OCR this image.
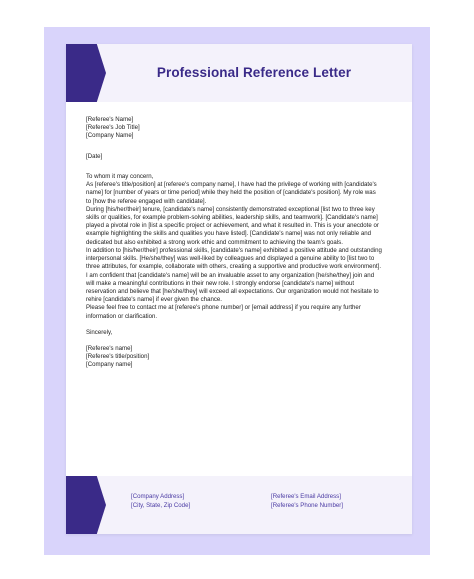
Professional Reference Letter
[Referee's Name]
[Referee's Job Title]
[Company Name]
[Date]
To whom it may concern,

As [referee's title/position] at [referee's company name], I have had the privilege of working with [candidate's name] for [number of years or time period] while they held the position of [candidate's position]. My role was to [how the referee engaged with candidate].

During [his/her/their] tenure, [candidate's name] consistently demonstrated exceptional [list two to three key skills or qualities, for example problem-solving abilities, leadership skills, and teamwork]. [Candidate's name] played a pivotal role in [list a specific project or achievement, and what it resulted in. This is your anecdote or example highlighting the skills and qualities you have listed]. [Candidate's name] was not only reliable and dedicated but also exhibited a strong work ethic and commitment to achieving the team's goals.

In addition to [his/her/their] professional skills, [candidate's name] exhibited a positive attitude and outstanding interpersonal skills. [He/she/they] was well-liked by colleagues and displayed a genuine ability to [list two to three attributes, for example, collaborate with others, creating a supportive and productive work environment].

I am confident that [candidate's name] will be an invaluable asset to any organization [he/she/they] join and will make a meaningful contributions in their new role. I strongly endorse [candidate's name] without reservation and believe that [he/she/they] will exceed all expectations. Our organization would not hesitate to rehire [candidate's name] if ever given the chance.

Please feel free to contact me at [referee's phone number] or [email address] if you require any further information or clarification.

Sincerely,
[Referee's name]
[Referee's title/position]
[Company name]
[Company Address]
[City, State, Zip Code]
[Referee's Email Address]
[Referee's Phone Number]
